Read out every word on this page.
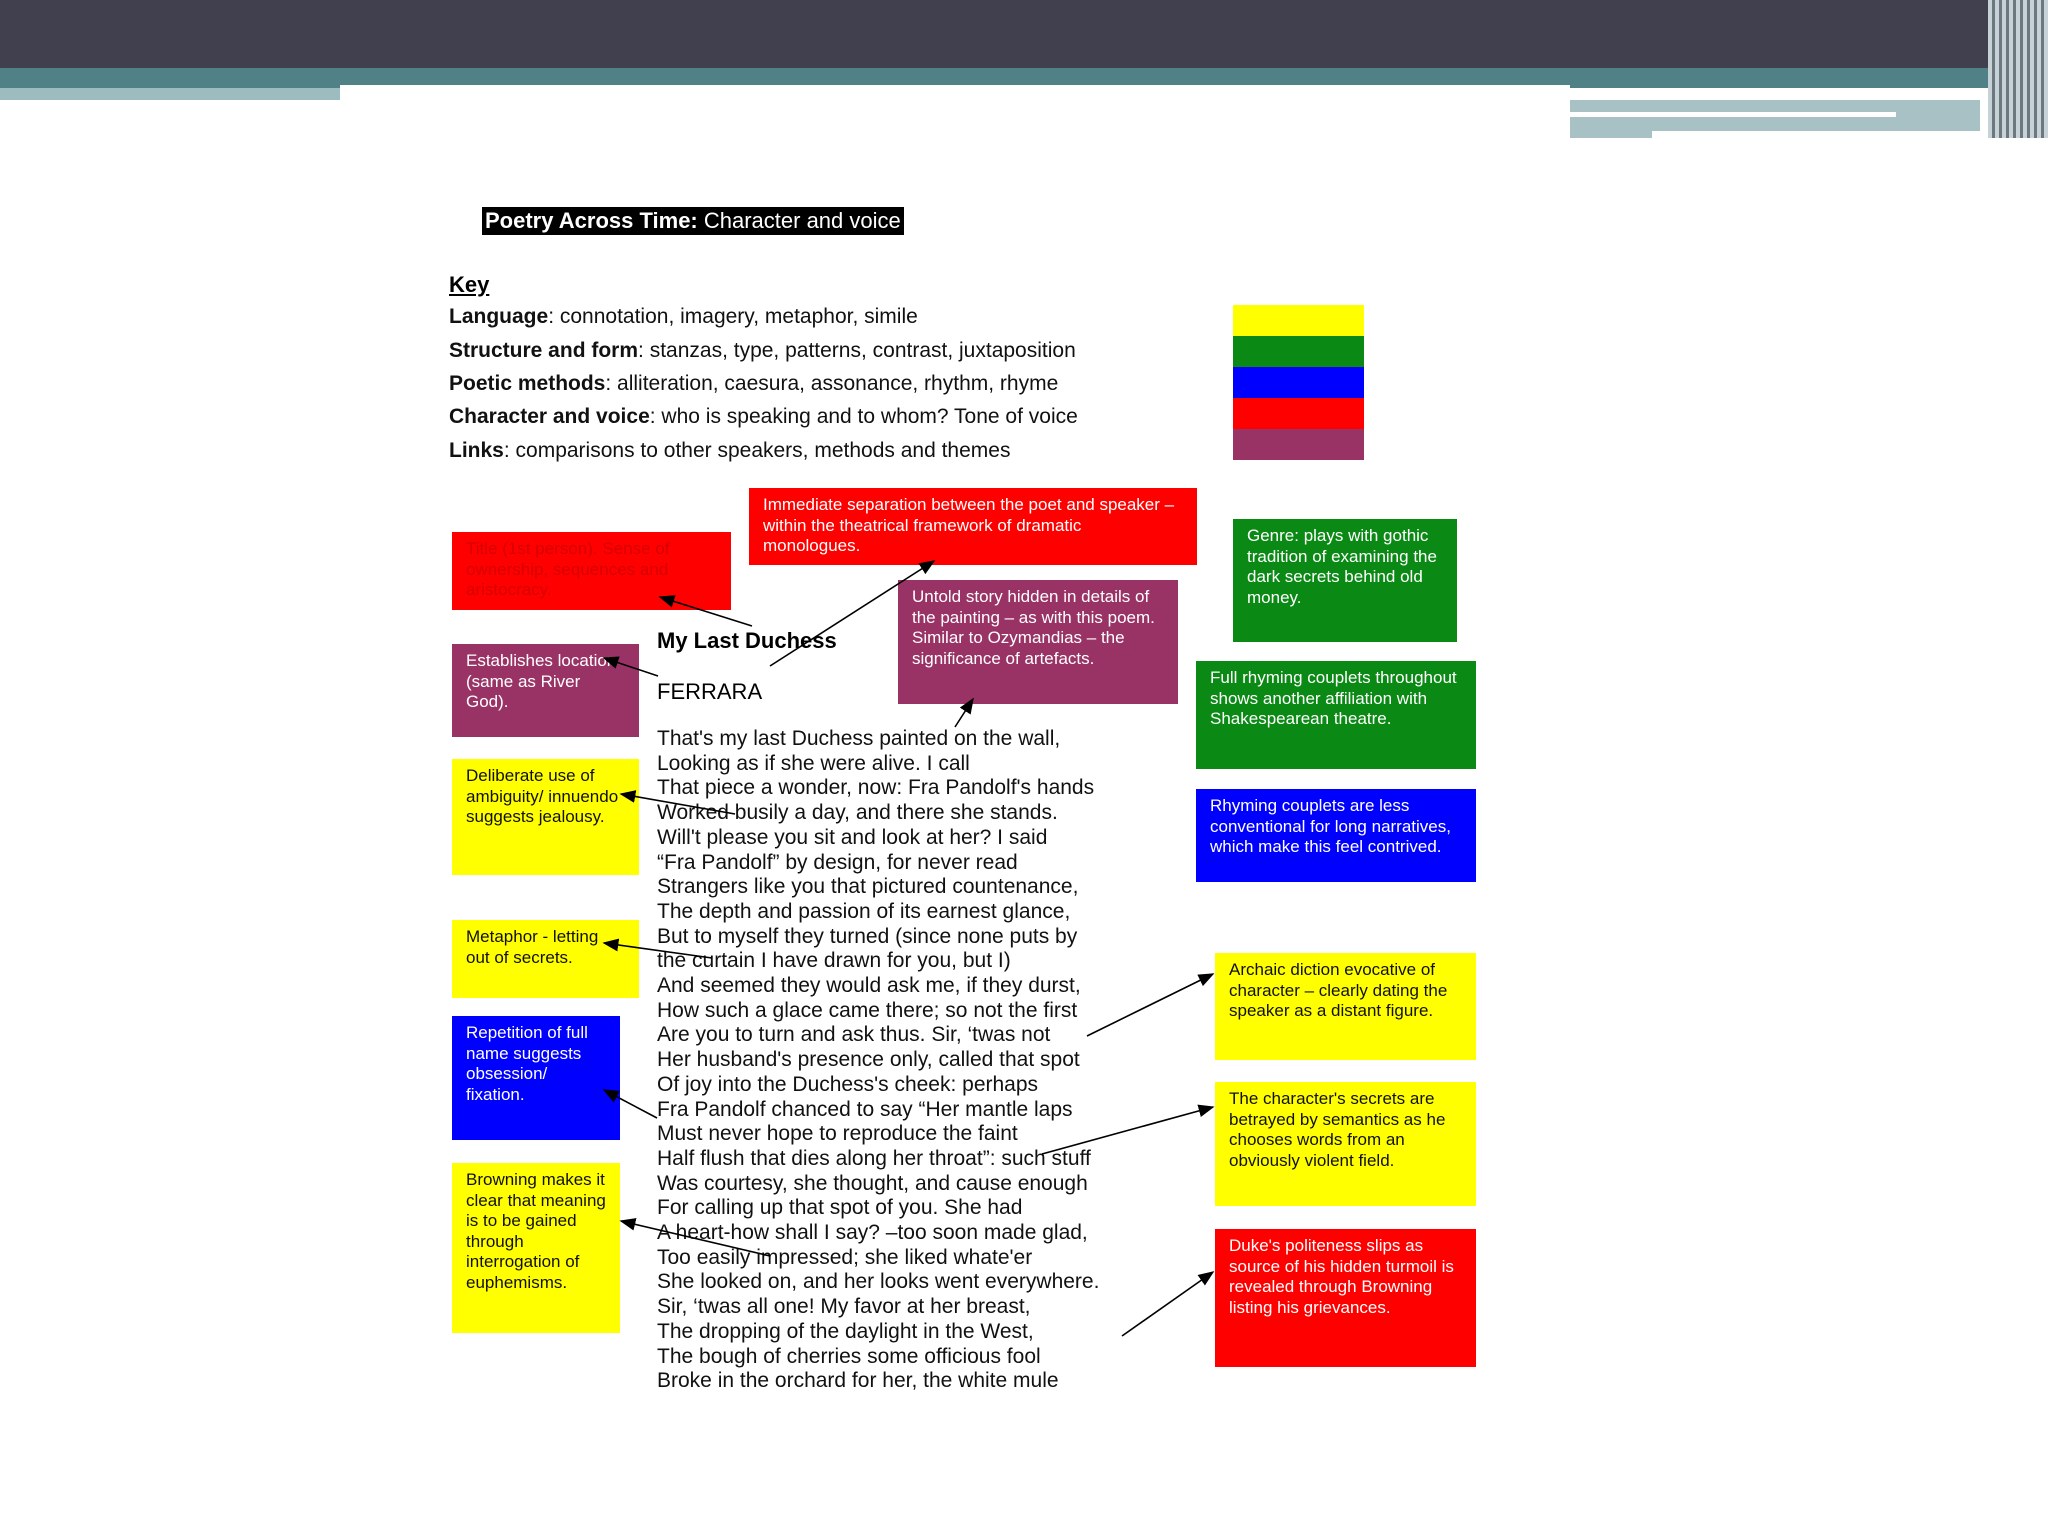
Poetry Across Time: Character and voice
Key
Language: connotation, imagery, metaphor, simile
Structure and form: stanzas, type, patterns, contrast, juxtaposition
Poetic methods: alliteration, caesura, assonance, rhythm, rhyme
Character and voice: who is speaking and to whom? Tone of voice
Links: comparisons to other speakers, methods and themes
Title (1st person). Sense of ownership, sequences and aristocracy.
Immediate separation between the poet and speaker – within the theatrical framework of dramatic monologues.
Genre: plays with gothic tradition of examining the dark secrets behind old money.
Untold story hidden in details of the painting – as with this poem. Similar to Ozymandias – the significance of artefacts.
Establishes location (same as River God).
Full rhyming couplets throughout shows another affiliation with Shakespearean theatre.
Deliberate use of ambiguity/ innuendo suggests jealousy.
Rhyming couplets are less conventional for long narratives, which make this feel contrived.
Metaphor - letting out of secrets.
Archaic diction evocative of character – clearly dating the speaker as a distant figure.
Repetition of full name suggests obsession/ fixation.	The character's secrets are betrayed by semantics as he chooses words from an obviously violent field.
Browning makes it clear that meaning is to be gained through interrogation of euphemisms.
Duke's politeness slips as source of his hidden turmoil is revealed through Browning listing his grievances.
My Last Duchess
FERRARA
That's my last Duchess painted on the wall,
Looking as if she were alive. I call
That piece a wonder, now: Fra Pandolf's hands
Worked busily a day, and there she stands.
Will't please you sit and look at her? I said
“Fra Pandolf” by design, for never read
Strangers like you that pictured countenance,
The depth and passion of its earnest glance,
But to myself they turned (since none puts by
the curtain I have drawn for you, but I)
And seemed they would ask me, if they durst,
How such a glace came there; so not the first
Are you to turn and ask thus. Sir, ‘twas not
Her husband's presence only, called that spot
Of joy into the Duchess's cheek: perhaps
Fra Pandolf chanced to say “Her mantle laps
Must never hope to reproduce the faint
Half flush that dies along her throat”: such stuff
Was courtesy, she thought, and cause enough
For calling up that spot of you. She had
A heart-how shall I say? –too soon made glad,
Too easily impressed; she liked whate'er
She looked on, and her looks went everywhere.
Sir, ‘twas all one! My favor at her breast,
The dropping of the daylight in the West,
The bough of cherries some officious fool
Broke in the orchard for her, the white mule
